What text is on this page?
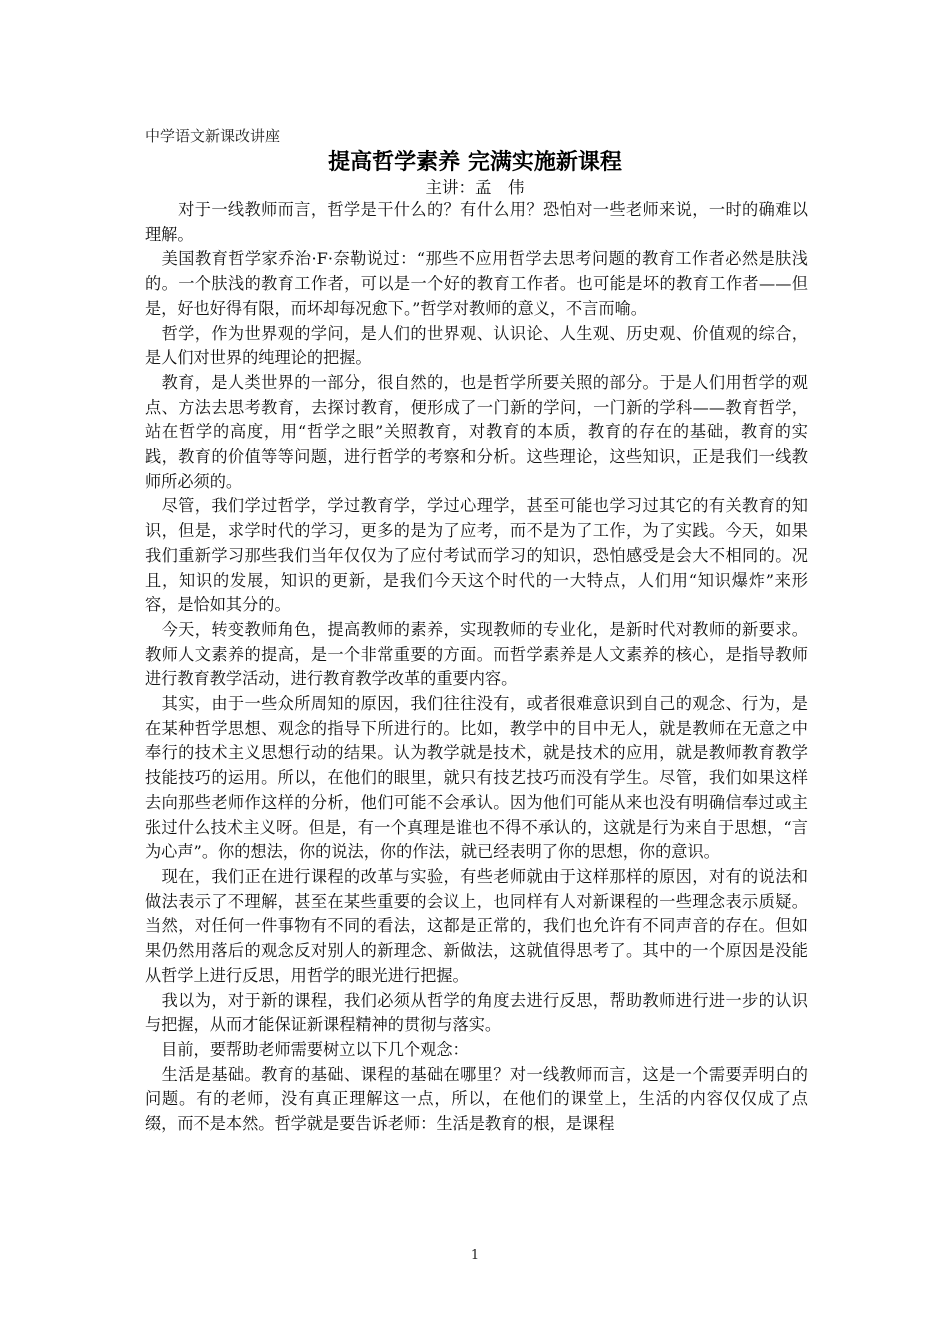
中学语文新课改讲座
提高哲学素养 完满实施新课程
主讲：孟　伟

　　对于一线教师而言，哲学是干什么的？有什么用？恐怕对一些老师来说，一时的确难以理解。

　美国教育哲学家乔治·F·奈勒说过：“那些不应用哲学去思考问题的教育工作者必然是肤浅的。一个肤浅的教育工作者，可以是一个好的教育工作者。也可能是坏的教育工作者——但是，好也好得有限，而坏却每况愈下。”哲学对教师的意义，不言而喻。

　哲学，作为世界观的学问，是人们的世界观、认识论、人生观、历史观、价值观的综合，是人们对世界的纯理论的把握。

　教育，是人类世界的一部分，很自然的，也是哲学所要关照的部分。于是人们用哲学的观点、方法去思考教育，去探讨教育，便形成了一门新的学问，一门新的学科——教育哲学，站在哲学的高度，用“哲学之眼”关照教育，对教育的本质，教育的存在的基础，教育的实践，教育的价值等等问题，进行哲学的考察和分析。这些理论，这些知识，正是我们一线教师所必须的。

　尽管，我们学过哲学，学过教育学，学过心理学，甚至可能也学习过其它的有关教育的知识，但是，求学时代的学习，更多的是为了应考，而不是为了工作，为了实践。今天，如果我们重新学习那些我们当年仅仅为了应付考试而学习的知识，恐怕感受是会大不相同的。况且，知识的发展，知识的更新，是我们今天这个时代的一大特点，人们用“知识爆炸”来形容，是恰如其分的。

　今天，转变教师角色，提高教师的素养，实现教师的专业化，是新时代对教师的新要求。教师人文素养的提高，是一个非常重要的方面。而哲学素养是人文素养的核心，是指导教师进行教育教学活动，进行教育教学改革的重要内容。

　其实，由于一些众所周知的原因，我们往往没有，或者很难意识到自己的观念、行为，是在某种哲学思想、观念的指导下所进行的。比如，教学中的目中无人，就是教师在无意之中奉行的技术主义思想行动的结果。认为教学就是技术，就是技术的应用，就是教师教育教学技能技巧的运用。所以，在他们的眼里，就只有技艺技巧而没有学生。尽管，我们如果这样去向那些老师作这样的分析，他们可能不会承认。因为他们可能从来也没有明确信奉过或主张过什么技术主义呀。但是，有一个真理是谁也不得不承认的，这就是行为来自于思想，“言为心声”。你的想法，你的说法，你的作法，就已经表明了你的思想，你的意识。

　现在，我们正在进行课程的改革与实验，有些老师就由于这样那样的原因，对有的说法和做法表示了不理解，甚至在某些重要的会议上，也同样有人对新课程的一些理念表示质疑。当然，对任何一件事物有不同的看法，这都是正常的，我们也允许有不同声音的存在。但如果仍然用落后的观念反对别人的新理念、新做法，这就值得思考了。其中的一个原因是没能从哲学上进行反思，用哲学的眼光进行把握。

　我以为，对于新的课程，我们必须从哲学的角度去进行反思，帮助教师进行进一步的认识与把握，从而才能保证新课程精神的贯彻与落实。

　目前，要帮助老师需要树立以下几个观念：

　生活是基础。教育的基础、课程的基础在哪里？对一线教师而言，这是一个需要弄明白的问题。有的老师，没有真正理解这一点，所以，在他们的课堂上，生活的内容仅仅成了点缀，而不是本然。哲学就是要告诉老师：生活是教育的根，是课程

1
